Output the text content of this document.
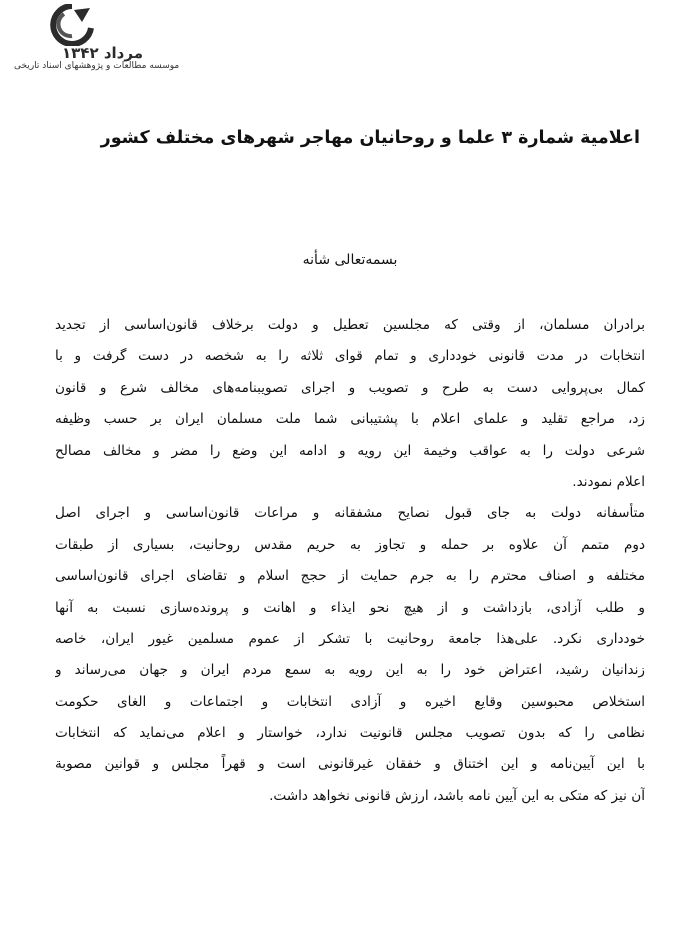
مرداد ۱۳۴۲
موسسه مطالعات و پژوهشهای اسناد تاریخی
اعلامیة شمارة ۳ علما و روحانیان مهاجر شهرهای مختلف کشور
بسمه‌تعالی شأنه
برادران مسلمان، از وقتی که مجلسین تعطیل و دولت برخلاف قانون‌اساسی از تجدید
انتخابات در مدت قانونی خودداری و تمام قوای ثلاثه را به شخصه در دست گرفت و با
کمال بی‌پروایی دست به طرح و تصویب و اجرای تصویبنامه‌های مخالف شرع و قانون
زد، مراجع تقلید و علمای اعلام با پشتیبانی شما ملت مسلمان ایران بر حسب وظیفه
شرعی دولت را به عواقب وخیمة این رویه و ادامه این وضع را مضر و مخالف مصالح
اعلام نمودند.
متأسفانه دولت به جای قبول نصایح مشفقانه و مراعات قانون‌اساسی و اجرای اصل
دوم متمم آن علاوه بر حمله و تجاوز به حریم مقدس روحانیت، بسیاری از طبقات
مختلفه و اصناف محترم را به جرم حمایت از حجج اسلام و تقاضای اجرای قانون‌اساسی
و طلب آزادی، بازداشت و از هیچ نحو ایذاء و اهانت و پرونده‌سازی نسبت به آنها
خودداری نکرد. علی‌هذا جامعة روحانیت با تشکر از عموم مسلمین غیور ایران، خاصه
زندانیان رشید، اعتراض خود را به این رویه به سمع مردم ایران و جهان می‌رساند و
استخلاص محبوسین وقایع اخیره و آزادی انتخابات و اجتماعات و الغای حکومت
نظامی را که بدون تصویب مجلس قانونیت ندارد، خواستار و اعلام می‌نماید که انتخابات
با این آیین‌نامه و این اختناق و خفقان غیرقانونی است و قهراً مجلس و قوانین مصوبة
آن نیز که متکی به این آیین نامه باشد، ارزش قانونی نخواهد داشت.
